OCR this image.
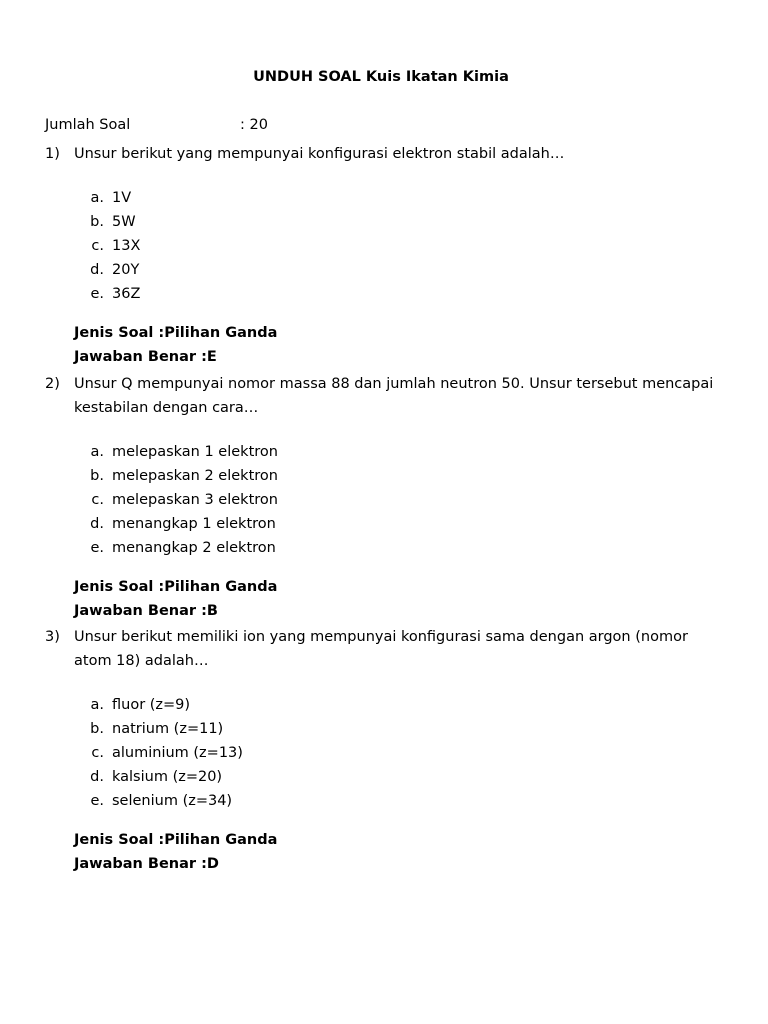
UNDUH SOAL Kuis Ikatan Kimia
Jumlah Soal	: 20
1) Unsur berikut yang mempunyai konfigurasi elektron stabil adalah…
a. 1V
b. 5W
c. 13X
d. 20Y
e. 36Z
Jenis Soal :Pilihan Ganda
Jawaban Benar :E
2) Unsur Q mempunyai nomor massa 88 dan jumlah neutron 50. Unsur tersebut mencapai kestabilan dengan cara…
a. melepaskan 1 elektron
b. melepaskan 2 elektron
c. melepaskan 3 elektron
d. menangkap 1 elektron
e. menangkap 2 elektron
Jenis Soal :Pilihan Ganda
Jawaban Benar :B
3) Unsur berikut memiliki ion yang mempunyai konfigurasi sama dengan argon (nomor atom 18) adalah…
a. fluor (z=9)
b. natrium (z=11)
c. aluminium (z=13)
d. kalsium (z=20)
e. selenium (z=34)
Jenis Soal :Pilihan Ganda
Jawaban Benar :D
